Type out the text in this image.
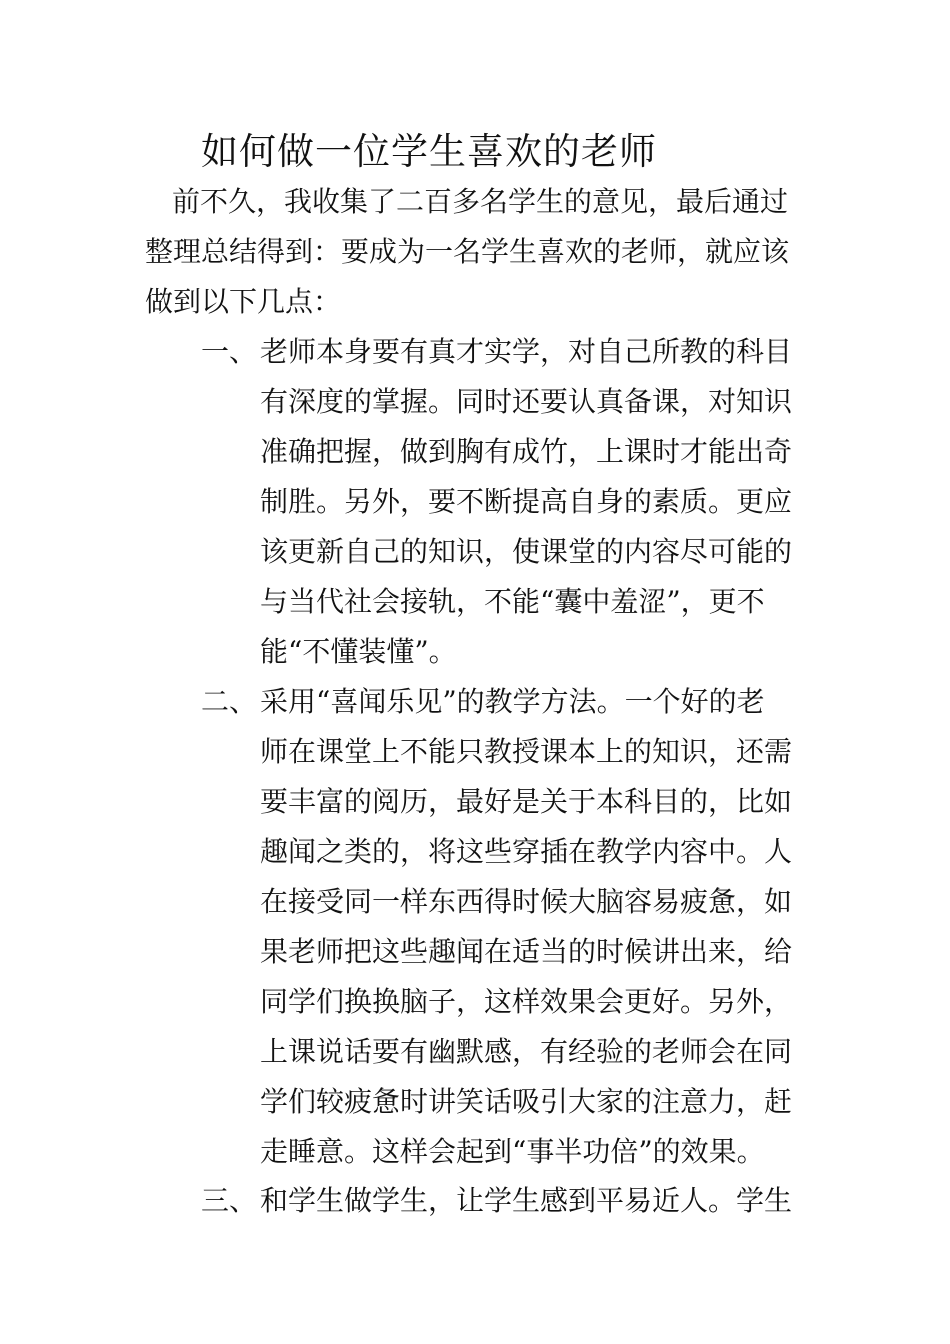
如何做一位学生喜欢的老师
前不久，我收集了二百多名学生的意见，最后通过
整理总结得到：要成为一名学生喜欢的老师，就应该
做到以下几点：
一、 老师本身要有真才实学，对自己所教的科目
有深度的掌握。同时还要认真备课，对知识
准确把握，做到胸有成竹，上课时才能出奇
制胜。另外，要不断提高自身的素质。更应
该更新自己的知识，使课堂的内容尽可能的
与当代社会接轨，不能“囊中羞涩”，更不
能“不懂装懂”。
二、 采用“喜闻乐见”的教学方法。一个好的老
师在课堂上不能只教授课本上的知识，还需
要丰富的阅历，最好是关于本科目的，比如
趣闻之类的，将这些穿插在教学内容中。人
在接受同一样东西得时候大脑容易疲惫，如
果老师把这些趣闻在适当的时候讲出来，给
同学们换换脑子，这样效果会更好。另外，
上课说话要有幽默感，有经验的老师会在同
学们较疲惫时讲笑话吸引大家的注意力，赶
走睡意。这样会起到“事半功倍”的效果。
三、 和学生做学生，让学生感到平易近人。学生
